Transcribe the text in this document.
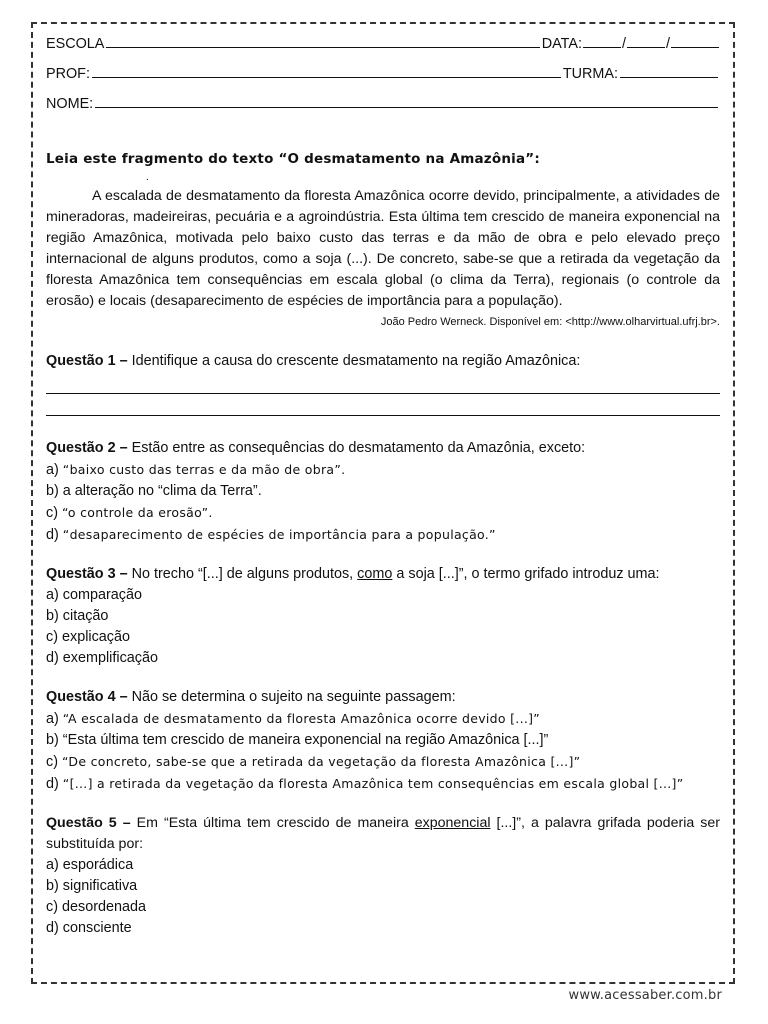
ESCOLA	DATA:	/	/
PROF:	TURMA:
NOME:
Leia este fragmento do texto “O desmatamento na Amazônia”:
.
A escalada de desmatamento da floresta Amazônica ocorre devido, principalmente, a atividades de mineradoras, madeireiras, pecuária e a agroindústria. Esta última tem crescido de maneira exponencial na região Amazônica, motivada pelo baixo custo das terras e da mão de obra e pelo elevado preço internacional de alguns produtos, como a soja (...). De concreto, sabe-se que a retirada da vegetação da floresta Amazônica tem consequências em escala global (o clima da Terra), regionais (o controle da erosão) e locais (desaparecimento de espécies de importância para a população).
João Pedro Werneck. Disponível em: <http://www.olharvirtual.ufrj.br>.
Questão 1 – Identifique a causa do crescente desmatamento na região Amazônica:
Questão 2 – Estão entre as consequências do desmatamento da Amazônia, exceto:
a) “baixo custo das terras e da mão de obra”.
b) a alteração no “clima da Terra”.
c) “o controle da erosão”.
d) “desaparecimento de espécies de importância para a população.”
Questão 3 – No trecho “[...] de alguns produtos, como a soja [...]”, o termo grifado introduz uma:
a) comparação
b) citação
c) explicação
d) exemplificação
Questão 4 – Não se determina o sujeito na seguinte passagem:
a) “A escalada de desmatamento da floresta Amazônica ocorre devido [...]”
b) “Esta última tem crescido de maneira exponencial na região Amazônica [...]”
c) “De concreto, sabe-se que a retirada da vegetação da floresta Amazônica [...]”
d) “[...] a retirada da vegetação da floresta Amazônica tem consequências em escala global [...]”
Questão 5 – Em “Esta última tem crescido de maneira exponencial [...]”, a palavra grifada poderia ser substituída por:
a) esporádica
b) significativa
c) desordenada
d) consciente
www.acessaber.com.br
